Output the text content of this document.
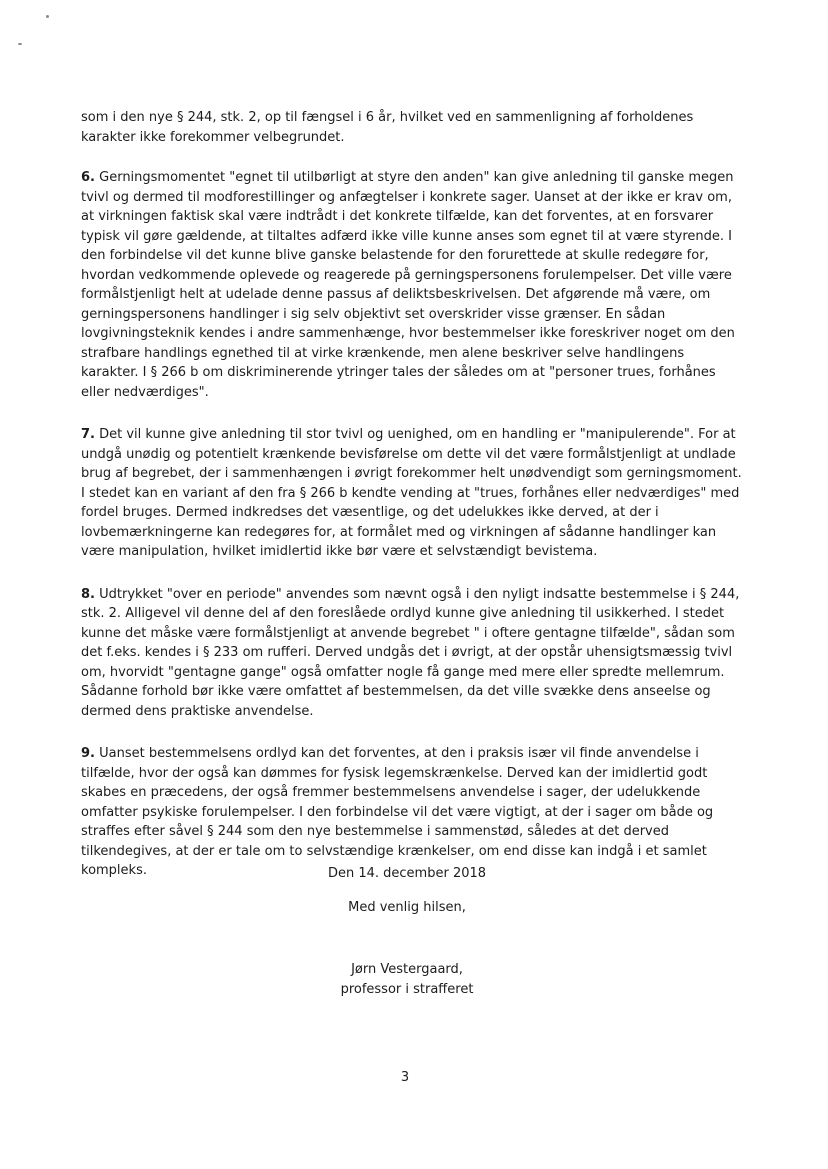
som i den nye § 244, stk. 2, op til fængsel i 6 år, hvilket ved en sammenligning af forholdenes karakter ikke forekommer velbegrundet.

6. Gerningsmomentet "egnet til utilbørligt at styre den anden" kan give anledning til ganske megen tvivl og dermed til modforestillinger og anfægtelser i konkrete sager. Uanset at der ikke er krav om, at virkningen faktisk skal være indtrådt i det konkrete tilfælde, kan det forventes, at en forsvarer typisk vil gøre gældende, at tiltaltes adfærd ikke ville kunne anses som egnet til at være styrende. I den forbindelse vil det kunne blive ganske belastende for den forurettede at skulle redegøre for, hvordan vedkommende oplevede og reagerede på gerningspersonens forulempelser. Det ville være formålstjenligt helt at udelade denne passus af deliktsbeskrivelsen. Det afgørende må være, om gerningspersonens handlinger i sig selv objektivt set overskrider visse grænser. En sådan lovgivningsteknik kendes i andre sammenhænge, hvor bestemmelser ikke foreskriver noget om den strafbare handlings egnethed til at virke krænkende, men alene beskriver selve handlingens karakter. I § 266 b om diskriminerende ytringer tales der således om at "personer trues, forhånes eller nedværdiges".

7. Det vil kunne give anledning til stor tvivl og uenighed, om en handling er "manipulerende". For at undgå unødig og potentielt krænkende bevisførelse om dette vil det være formålstjenligt at undlade brug af begrebet, der i sammenhængen i øvrigt forekommer helt unødvendigt som gerningsmoment. I stedet kan en variant af den fra § 266 b kendte vending at "trues, forhånes eller nedværdiges" med fordel bruges. Dermed indkredses det væsentlige, og det udelukkes ikke derved, at der i lovbemærkningerne kan redegøres for, at formålet med og virkningen af sådanne handlinger kan være manipulation, hvilket imidlertid ikke bør være et selvstændigt bevistema.

8. Udtrykket "over en periode" anvendes som nævnt også i den nyligt indsatte bestemmelse i § 244, stk. 2. Alligevel vil denne del af den foreslåede ordlyd kunne give anledning til usikkerhed. I stedet kunne det måske være formålstjenligt at anvende begrebet " i oftere gentagne tilfælde", sådan som det f.eks. kendes i § 233 om rufferi. Derved undgås det i øvrigt, at der opstår uhensigtsmæssig tvivl om, hvorvidt "gentagne gange" også omfatter nogle få gange med mere eller spredte mellemrum. Sådanne forhold bør ikke være omfattet af bestemmelsen, da det ville svække dens anseelse og dermed dens praktiske anvendelse.

9. Uanset bestemmelsens ordlyd kan det forventes, at den i praksis især vil finde anvendelse i tilfælde, hvor der også kan dømmes for fysisk legemskrænkelse. Derved kan der imidlertid godt skabes en præcedens, der også fremmer bestemmelsens anvendelse i sager, der udelukkende omfatter psykiske forulempelser. I den forbindelse vil det være vigtigt, at der i sager om både og straffes efter såvel § 244 som den nye bestemmelse i sammenstød, således at det derved tilkendegives, at der er tale om to selvstændige krænkelser, om end disse kan indgå i et samlet kompleks.	Den 14. december 2018
Med venlig hilsen,
Jørn Vestergaard,
professor i strafferet
3
